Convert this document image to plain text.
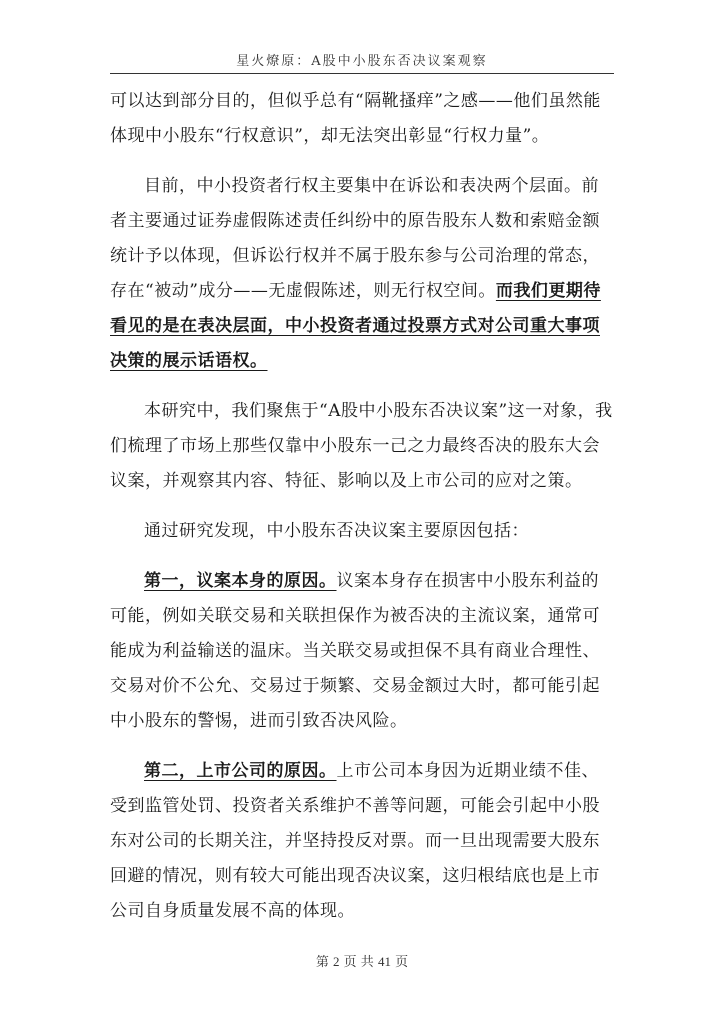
星火燎原：A股中小股东否决议案观察

可以达到部分目的，但似乎总有“隔靴搔痒”之感——他们虽然能体现中小股东“行权意识”，却无法突出彰显“行权力量”。

目前，中小投资者行权主要集中在诉讼和表决两个层面。前者主要通过证券虚假陈述责任纠纷中的原告股东人数和索赔金额统计予以体现，但诉讼行权并不属于股东参与公司治理的常态，存在“被动”成分——无虚假陈述，则无行权空间。而我们更期待看见的是在表决层面，中小投资者通过投票方式对公司重大事项决策的展示话语权。

本研究中，我们聚焦于“A股中小股东否决议案”这一对象，我们梳理了市场上那些仅靠中小股东一己之力最终否决的股东大会议案，并观察其内容、特征、影响以及上市公司的应对之策。

通过研究发现，中小股东否决议案主要原因包括：

第一，议案本身的原因。议案本身存在损害中小股东利益的可能，例如关联交易和关联担保作为被否决的主流议案，通常可能成为利益输送的温床。当关联交易或担保不具有商业合理性、交易对价不公允、交易过于频繁、交易金额过大时，都可能引起中小股东的警惕，进而引致否决风险。

第二，上市公司的原因。上市公司本身因为近期业绩不佳、受到监管处罚、投资者关系维护不善等问题，可能会引起中小股东对公司的长期关注，并坚持投反对票。而一旦出现需要大股东回避的情况，则有较大可能出现否决议案，这归根结底也是上市公司自身质量发展不高的体现。

第 2 页 共 41 页
